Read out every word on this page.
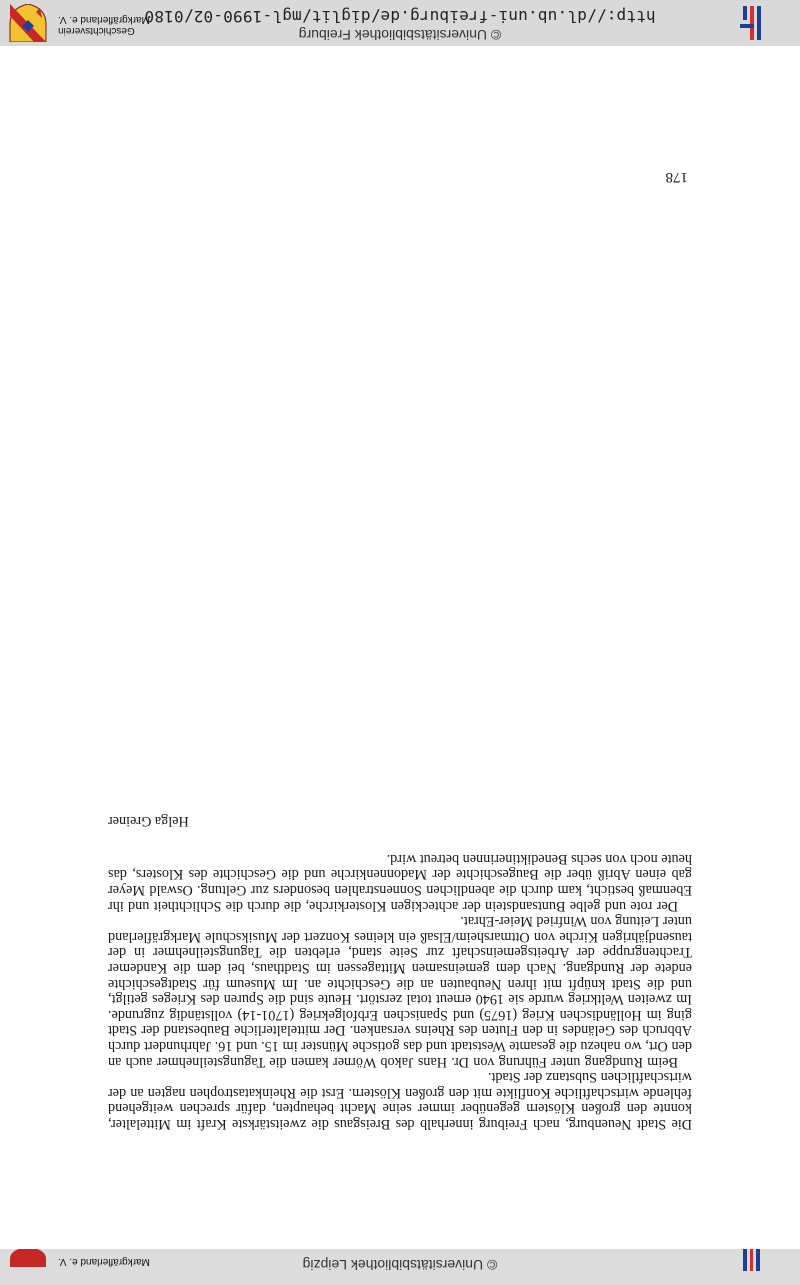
© Universitätsbibliothek Leipzig
Markgräflerland e. V.
178

Die Stadt Neuenburg, nach Freiburg innerhalb des Breisgaus die zweitstärkste Kraft im Mittelalter, konnte den großen Klöstern gegenüber immer seine Macht behaupten, dafür sprechen weitgehend fehlende wirtschaftliche Konflikte mit den großen Klöstern. Erst die Rheinkatastrophen nagten an der wirtschaftlichen Substanz der Stadt.

Beim Rundgang unter Führung von Dr. Hans Jakob Wörner kamen die Tagungsteilnehmer auch an den Ort, wo nahezu die gesamte Weststadt und das gotische Münster im 15. und 16. Jahrhundert durch Abbruch des Geländes in den Fluten des Rheins versanken. Der mittelalterliche Baubestand der Stadt ging im Holländischen Krieg (1675) und Spanischen Erbfolgekrieg (1701-14) vollständig zugrunde. Im zweiten Weltkrieg wurde sie 1940 erneut total zerstört. Heute sind die Spuren des Krieges getilgt, und die Stadt knüpft mit ihren Neubauten an die Geschichte an. Im Museum für Stadtgeschichte endete der Rundgang. Nach dem gemeinsamen Mittagessen im Stadthaus, bei dem die Kandemer Trachtengruppe der Arbeitsgemeinschaft zur Seite stand, erlebten die Tagungsteilnehmer in der tausendjährigen Kirche von Ottmarsheim/Elsaß ein kleines Konzert der Musikschule Markgräflerland unter Leitung von Winfried Meier-Ehrat.

Der rote und gelbe Buntsandstein der achteckigen Klosterkirche, die durch die Schlichtheit und ihr Ebenmaß besticht, kam durch die abendlichen Sonnenstrahlen besonders zur Geltung. Oswald Meyer gab einen Abriß über die Baugeschichte der Madonnenkirche und die Geschichte des Klosters, das heute noch von sechs Benediktinerinnen betreut wird.

Helga Greiner
© Universitätsbibliothek Freiburg
http://dl.ub.uni-freiburg.de/diglit/mgl-1990-02/0180
Geschichtsverein
Markgräflerland e. V.
